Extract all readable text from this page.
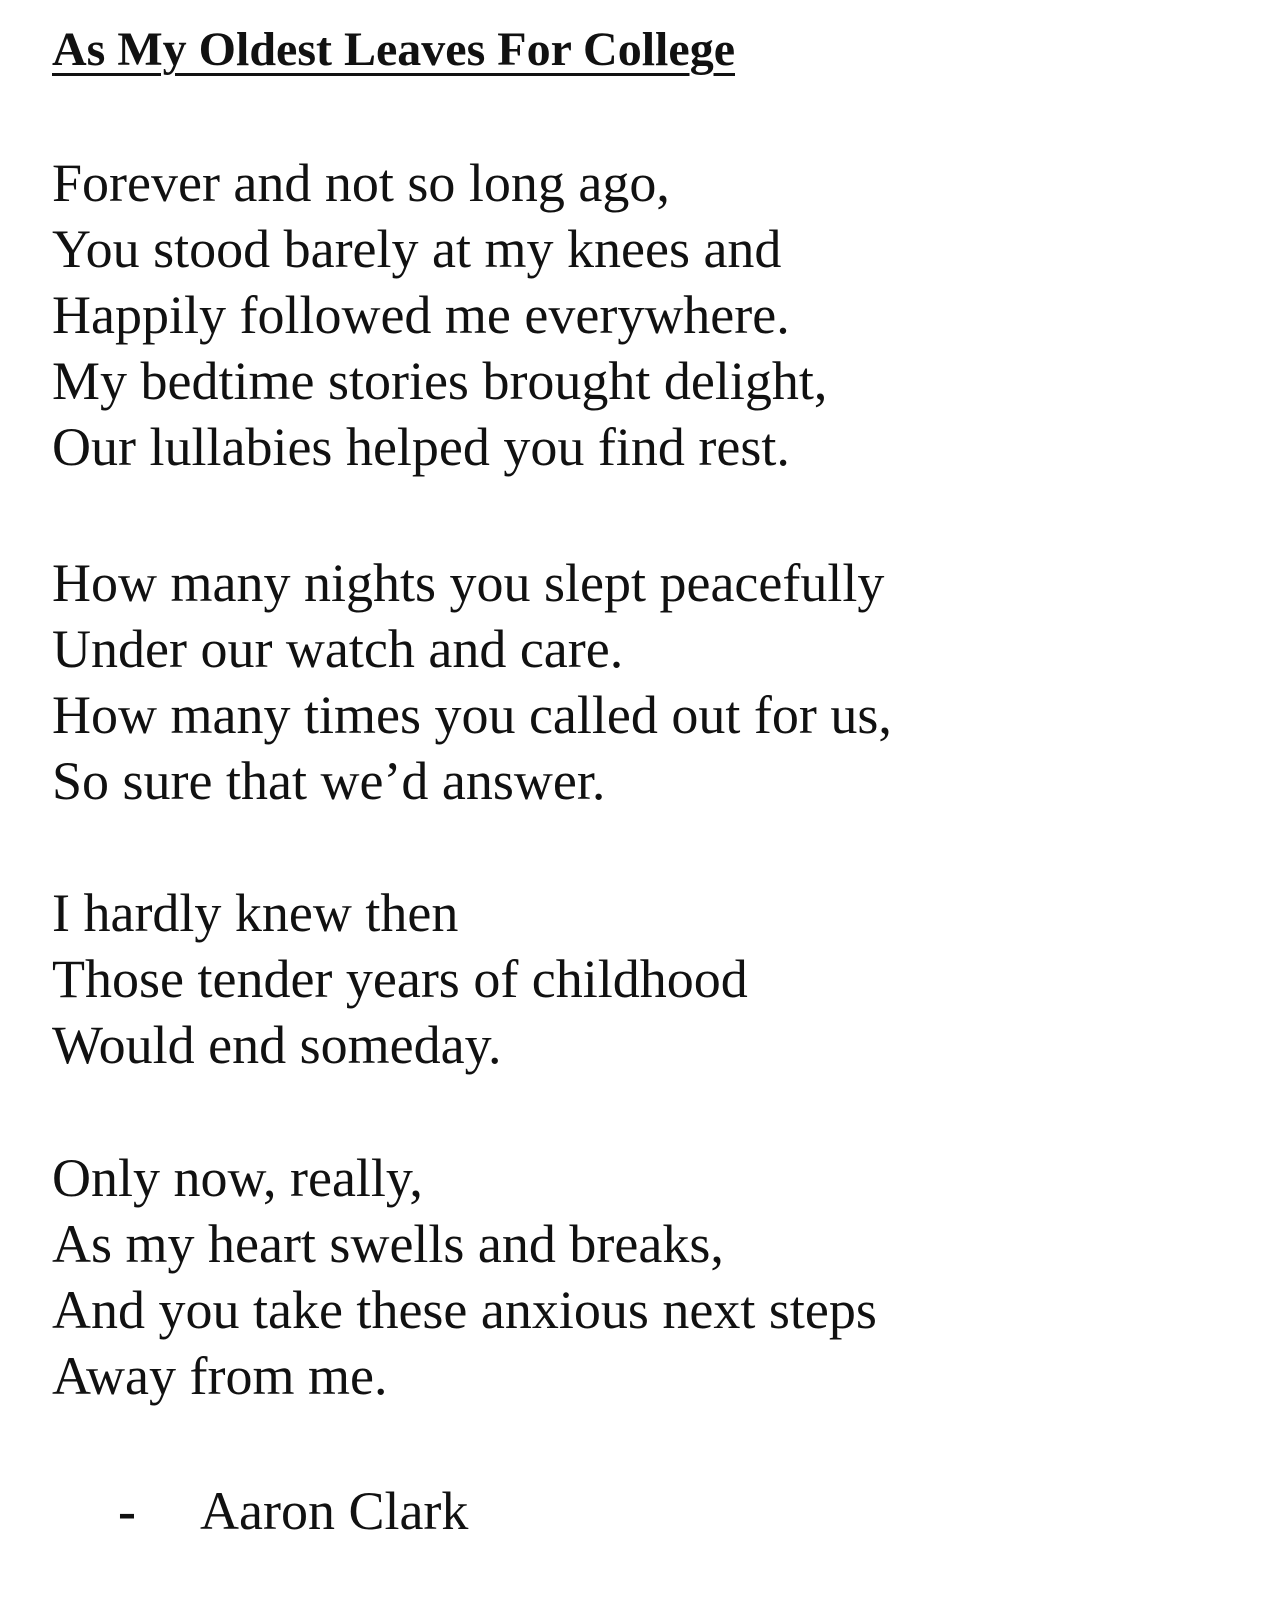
As My Oldest Leaves For College
Forever and not so long ago,
You stood barely at my knees and
Happily followed me everywhere.
My bedtime stories brought delight,
Our lullabies helped you find rest.
How many nights you slept peacefully
Under our watch and care.
How many times you called out for us,
So sure that we’d answer.
I hardly knew then
Those tender years of childhood
Would end someday.
Only now, really,
As my heart swells and breaks,
And you take these anxious next steps
Away from me.
- Aaron Clark
